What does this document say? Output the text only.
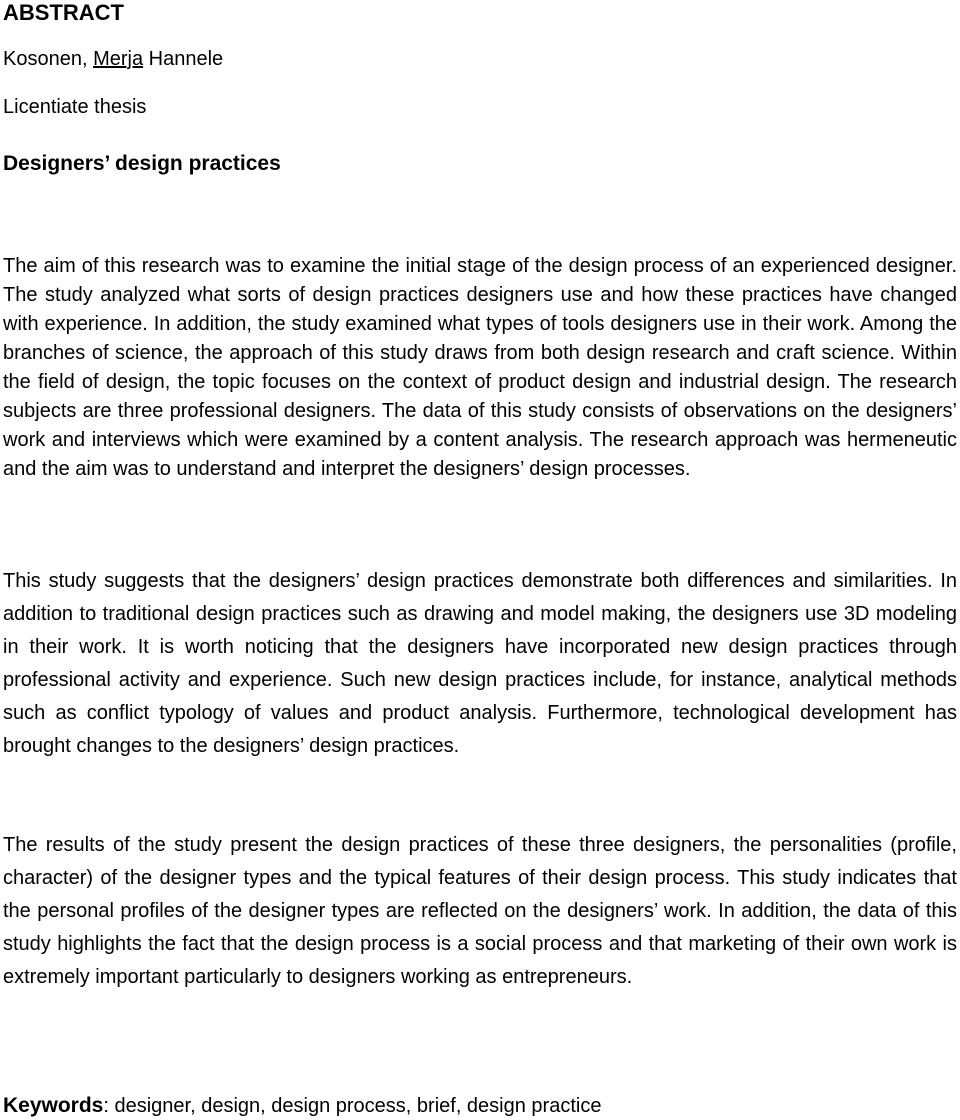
ABSTRACT

Kosonen, Merja Hannele

Licentiate thesis

Designers’ design practices

The aim of this research was to examine the initial stage of the design process of an experienced designer. The study analyzed what sorts of design practices designers use and how these practices have changed with experience. In addition, the study examined what types of tools designers use in their work. Among the branches of science, the approach of this study draws from both design research and craft science. Within the field of design, the topic focuses on the context of product design and industrial design. The research subjects are three professional designers. The data of this study consists of observations on the designers’ work and interviews which were examined by a content analysis. The research approach was hermeneutic and the aim was to understand and interpret the designers’ design processes.

This study suggests that the designers’ design practices demonstrate both differences and similarities. In addition to traditional design practices such as drawing and model making, the designers use 3D modeling in their work. It is worth noticing that the designers have incorporated new design practices through professional activity and experience. Such new design practices include, for instance, analytical methods such as conflict typology of values and product analysis. Furthermore, technological development has brought changes to the designers’ design practices.

The results of the study present the design practices of these three designers, the personalities (profile, character) of the designer types and the typical features of their design process. This study indicates that the personal profiles of the designer types are reflected on the designers’ work. In addition, the data of this study highlights the fact that the design process is a social process and that marketing of their own work is extremely important particularly to designers working as entrepreneurs.

Keywords: designer, design, design process, brief, design practice
